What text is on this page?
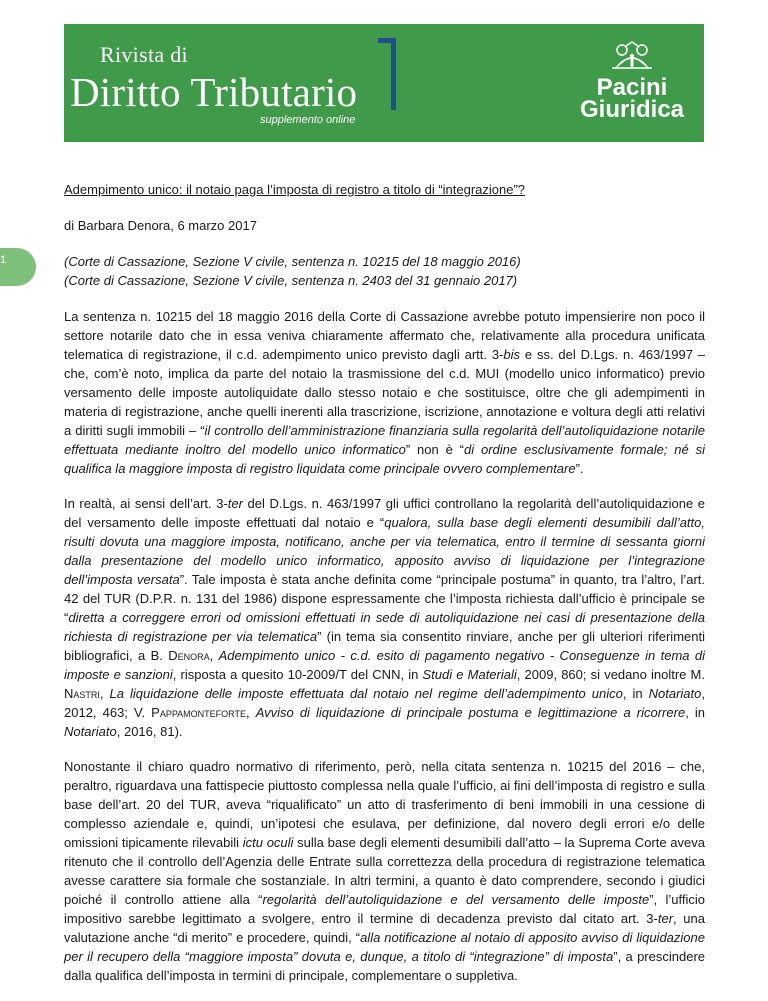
Rivista di
Diritto Tributario
supplemento online
Pacini
Giuridica
1
Adempimento unico: il notaio paga l’imposta di registro a titolo di “integrazione”?

di Barbara Denora, 6 marzo 2017

(Corte di Cassazione, Sezione V civile, sentenza n. 10215 del 18 maggio 2016)
(Corte di Cassazione, Sezione V civile, sentenza n. 2403 del 31 gennaio 2017)

La sentenza n. 10215 del 18 maggio 2016 della Corte di Cassazione avrebbe potuto impensierire non poco il settore notarile dato che in essa veniva chiaramente affermato che, relativamente alla procedura unificata telematica di registrazione, il c.d. adempimento unico previsto dagli artt. 3-bis e ss. del D.Lgs. n. 463/1997 – che, com’è noto, implica da parte del notaio la trasmissione del c.d. MUI (modello unico informatico) previo versamento delle imposte autoliquidate dallo stesso notaio e che sostituisce, oltre che gli adempimenti in materia di registrazione, anche quelli inerenti alla trascrizione, iscrizione, annotazione e voltura degli atti relativi a diritti sugli immobili – “il controllo dell’amministrazione finanziaria sulla regolarità dell’autoliquidazione notarile effettuata mediante inoltro del modello unico informatico” non è “di ordine esclusivamente formale; né si qualifica la maggiore imposta di registro liquidata come principale ovvero complementare”.

In realtà, ai sensi dell’art. 3-ter del D.Lgs. n. 463/1997 gli uffici controllano la regolarità dell’autoliquidazione e del versamento delle imposte effettuati dal notaio e “qualora, sulla base degli elementi desumibili dall’atto, risulti dovuta una maggiore imposta, notificano, anche per via telematica, entro il termine di sessanta giorni dalla presentazione del modello unico informatico, apposito avviso di liquidazione per l’integrazione dell’imposta versata”. Tale imposta è stata anche definita come “principale postuma” in quanto, tra l’altro, l’art. 42 del TUR (D.P.R. n. 131 del 1986) dispone espressamente che l’imposta richiesta dall’ufficio è principale se “diretta a correggere errori od omissioni effettuati in sede di autoliquidazione nei casi di presentazione della richiesta di registrazione per via telematica” (in tema sia consentito rinviare, anche per gli ulteriori riferimenti bibliografici, a B. Denora, Adempimento unico - c.d. esito di pagamento negativo - Conseguenze in tema di imposte e sanzioni, risposta a quesito 10-2009/T del CNN, in Studi e Materiali, 2009, 860; si vedano inoltre M. Nastri, La liquidazione delle imposte effettuata dal notaio nel regime dell’adempimento unico, in Notariato, 2012, 463; V. Pappamonteforte, Avviso di liquidazione di principale postuma e legittimazione a ricorrere, in Notariato, 2016, 81).

Nonostante il chiaro quadro normativo di riferimento, però, nella citata sentenza n. 10215 del 2016 – che, peraltro, riguardava una fattispecie piuttosto complessa nella quale l’ufficio, ai fini dell’imposta di registro e sulla base dell’art. 20 del TUR, aveva “riqualificato” un atto di trasferimento di beni immobili in una cessione di complesso aziendale e, quindi, un’ipotesi che esulava, per definizione, dal novero degli errori e/o delle omissioni tipicamente rilevabili ictu oculi sulla base degli elementi desumibili dall’atto – la Suprema Corte aveva ritenuto che il controllo dell’Agenzia delle Entrate sulla correttezza della procedura di registrazione telematica avesse carattere sia formale che sostanziale. In altri termini, a quanto è dato comprendere, secondo i giudici poiché il controllo attiene alla “regolarità dell’autoliquidazione e del versamento delle imposte”, l’ufficio impositivo sarebbe legittimato a svolgere, entro il termine di decadenza previsto dal citato art. 3-ter, una valutazione anche “di merito” e procedere, quindi, “alla notificazione al notaio di apposito avviso di liquidazione per il recupero della “maggiore imposta” dovuta e, dunque, a titolo di “integrazione” di imposta”, a prescindere dalla qualifica dell’imposta in termini di principale, complementare o suppletiva.
